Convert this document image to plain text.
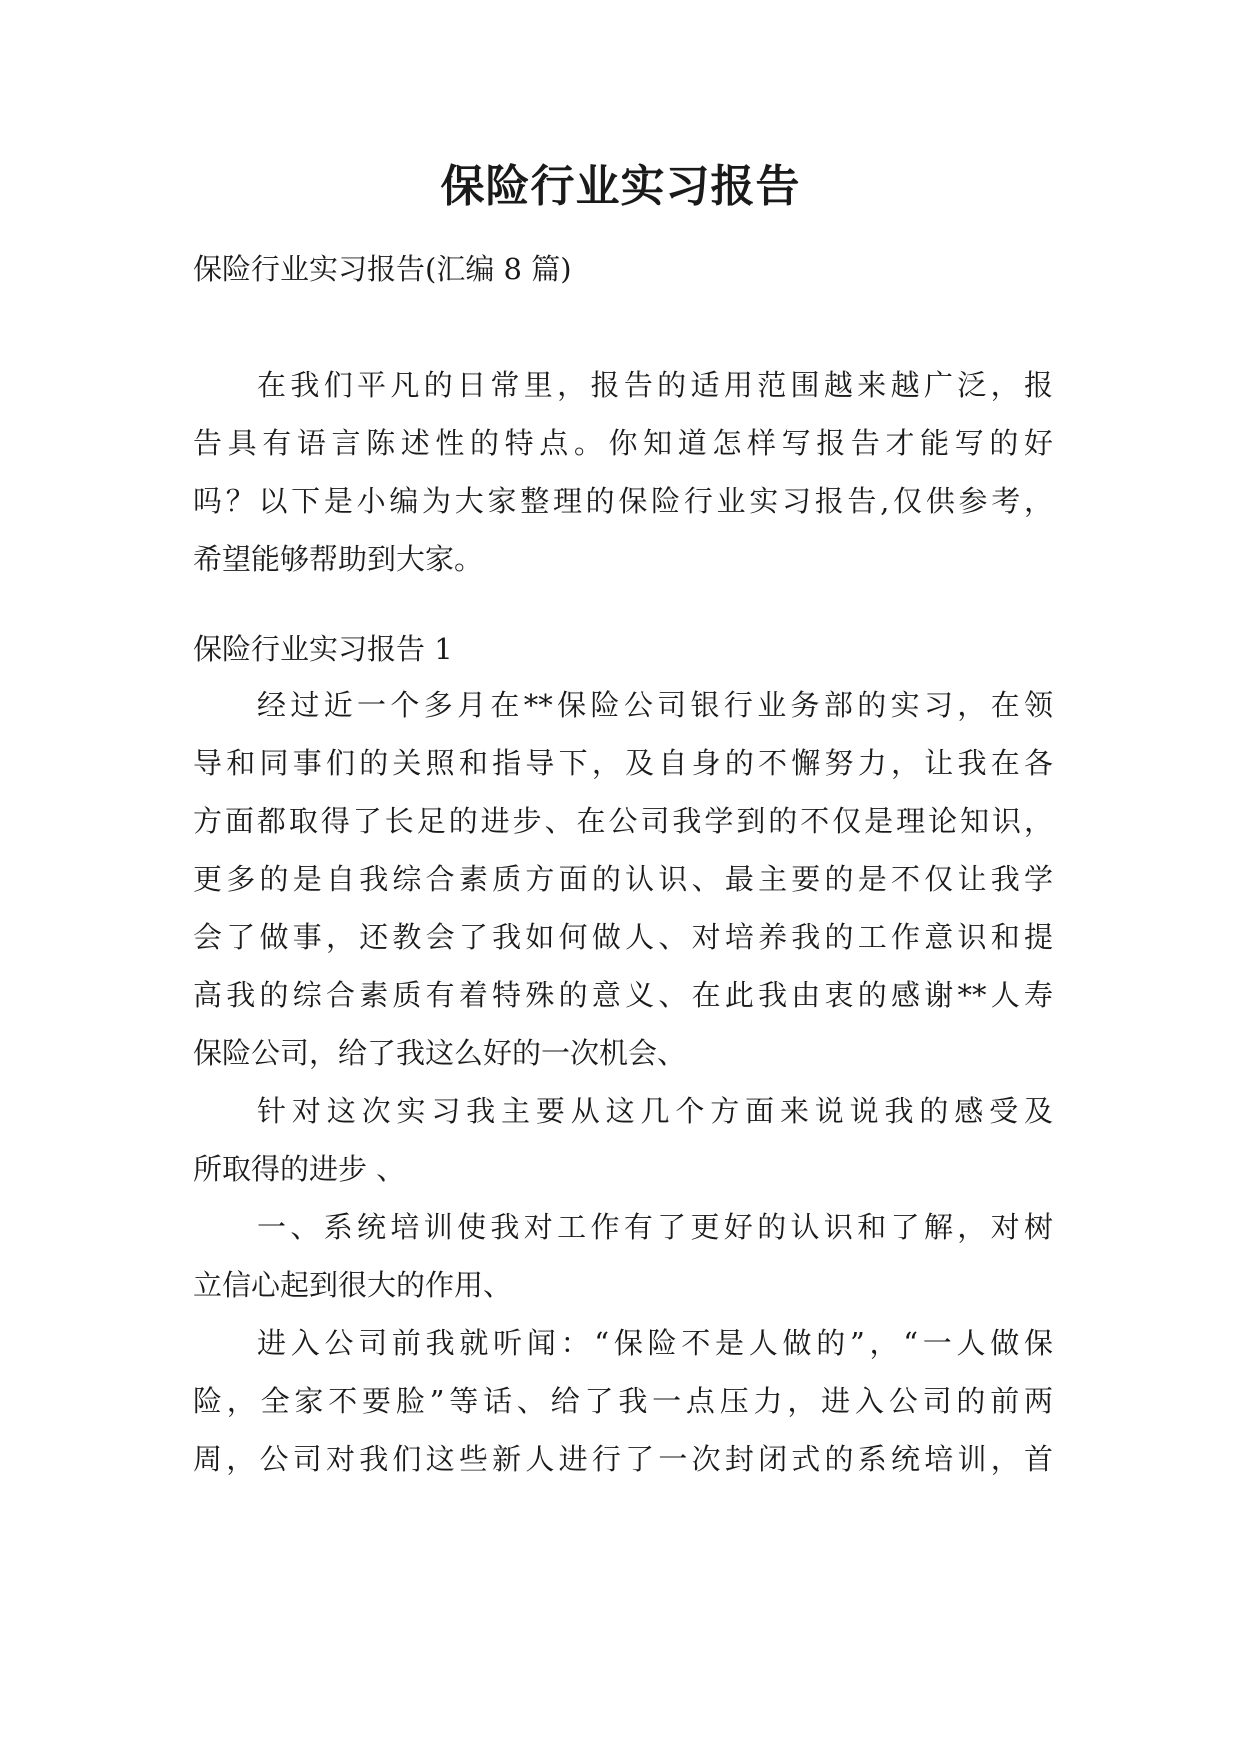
保险行业实习报告
保险行业实习报告(汇编 8 篇)
在我们平凡的日常里，报告的适用范围越来越广泛，报
告具有语言陈述性的特点。你知道怎样写报告才能写的好
吗？以下是小编为大家整理的保险行业实习报告,仅供参考，
希望能够帮助到大家。
保险行业实习报告 1
经过近一个多月在**保险公司银行业务部的实习，在领
导和同事们的关照和指导下，及自身的不懈努力，让我在各
方面都取得了长足的进步、在公司我学到的不仅是理论知识，
更多的是自我综合素质方面的认识、最主要的是不仅让我学
会了做事，还教会了我如何做人、对培养我的工作意识和提
高我的综合素质有着特殊的意义、在此我由衷的感谢**人寿
保险公司，给了我这么好的一次机会、
针对这次实习我主要从这几个方面来说说我的感受及
所取得的进步 、
一、系统培训使我对工作有了更好的认识和了解，对树
立信心起到很大的作用、
进入公司前我就听闻：“保险不是人做的”，“一人做保
险，全家不要脸”等话、给了我一点压力，进入公司的前两
周，公司对我们这些新人进行了一次封闭式的系统培训，首
